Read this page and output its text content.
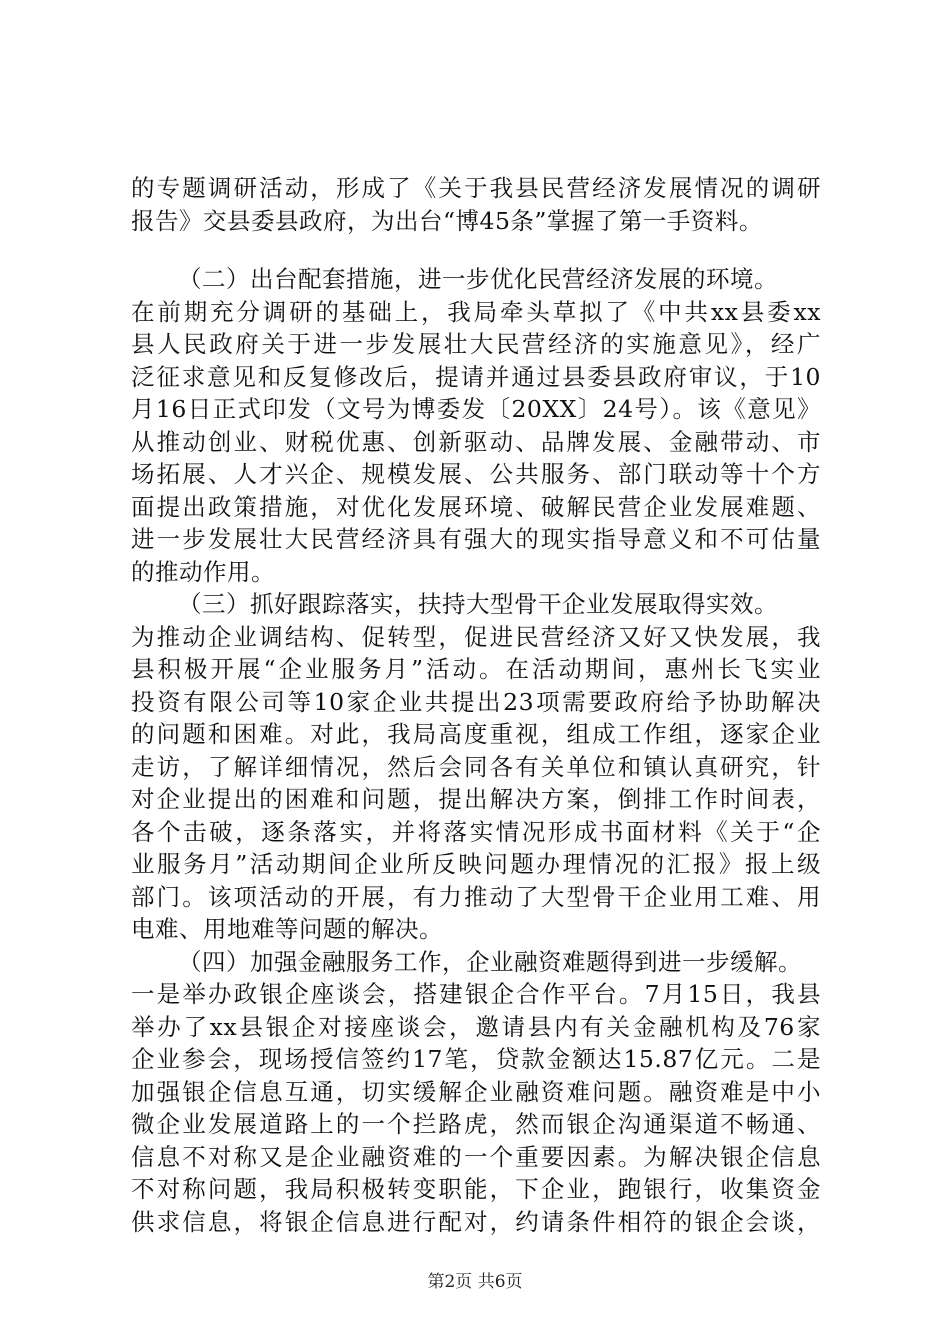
的专题调研活动，形成了《关于我县民营经济发展情况的调研
报告》交县委县政府，为出台“博45条”掌握了第一手资料。
（二）出台配套措施，进一步优化民营经济发展的环境。
在前期充分调研的基础上，我局牵头草拟了《中共xx县委xx
县人民政府关于进一步发展壮大民营经济的实施意见》，经广
泛征求意见和反复修改后，提请并通过县委县政府审议，于10
月16日正式印发（文号为博委发〔20XX〕24号）。该《意见》
从推动创业、财税优惠、创新驱动、品牌发展、金融带动、市
场拓展、人才兴企、规模发展、公共服务、部门联动等十个方
面提出政策措施，对优化发展环境、破解民营企业发展难题、
进一步发展壮大民营经济具有强大的现实指导意义和不可估量
的推动作用。
（三）抓好跟踪落实，扶持大型骨干企业发展取得实效。
为推动企业调结构、促转型，促进民营经济又好又快发展，我
县积极开展“企业服务月”活动。在活动期间，惠州长飞实业
投资有限公司等10家企业共提出23项需要政府给予协助解决
的问题和困难。对此，我局高度重视，组成工作组，逐家企业
走访，了解详细情况，然后会同各有关单位和镇认真研究，针
对企业提出的困难和问题，提出解决方案，倒排工作时间表，
各个击破，逐条落实，并将落实情况形成书面材料《关于“企
业服务月”活动期间企业所反映问题办理情况的汇报》报上级
部门。该项活动的开展，有力推动了大型骨干企业用工难、用
电难、用地难等问题的解决。
（四）加强金融服务工作，企业融资难题得到进一步缓解。
一是举办政银企座谈会，搭建银企合作平台。7月15日，我县
举办了xx县银企对接座谈会，邀请县内有关金融机构及76家
企业参会，现场授信签约17笔，贷款金额达15.87亿元。二是
加强银企信息互通，切实缓解企业融资难问题。融资难是中小
微企业发展道路上的一个拦路虎，然而银企沟通渠道不畅通、
信息不对称又是企业融资难的一个重要因素。为解决银企信息
不对称问题，我局积极转变职能，下企业，跑银行，收集资金
供求信息，将银企信息进行配对，约请条件相符的银企会谈，
第2页 共6页
